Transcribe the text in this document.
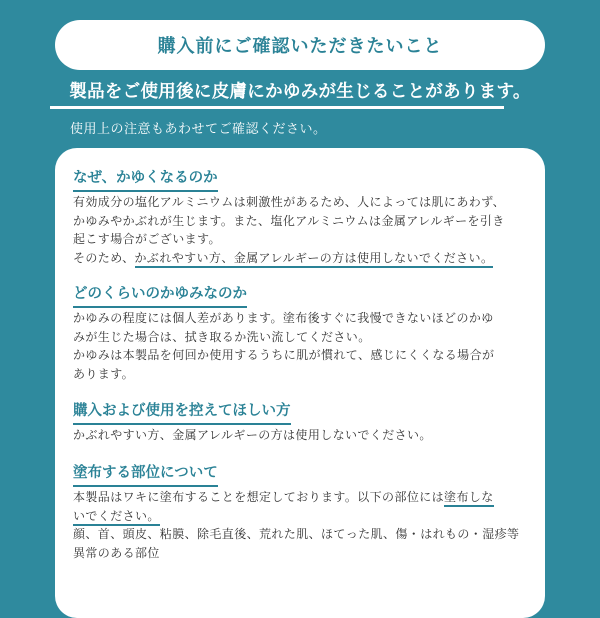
購入前にご確認いただきたいこと
製品をご使用後に皮膚にかゆみが生じることがあります。
使用上の注意もあわせてご確認ください。
なぜ、かゆくなるのか
有効成分の塩化アルミニウムは刺激性があるため、人によっては肌にあわず、
かゆみやかぶれが生じます。また、塩化アルミニウムは金属アレルギーを引き
起こす場合がございます。
そのため、かぶれやすい方、金属アレルギーの方は使用しないでください。
どのくらいのかゆみなのか
かゆみの程度には個人差があります。塗布後すぐに我慢できないほどのかゆ
みが生じた場合は、拭き取るか洗い流してください。
かゆみは本製品を何回か使用するうちに肌が慣れて、感じにくくなる場合が
あります。
購入および使用を控えてほしい方
かぶれやすい方、金属アレルギーの方は使用しないでください。
塗布する部位について
本製品はワキに塗布することを想定しております。以下の部位には塗布しな
いでください。
顔、首、頭皮、粘膜、除毛直後、荒れた肌、ほてった肌、傷・はれもの・湿疹等
異常のある部位
